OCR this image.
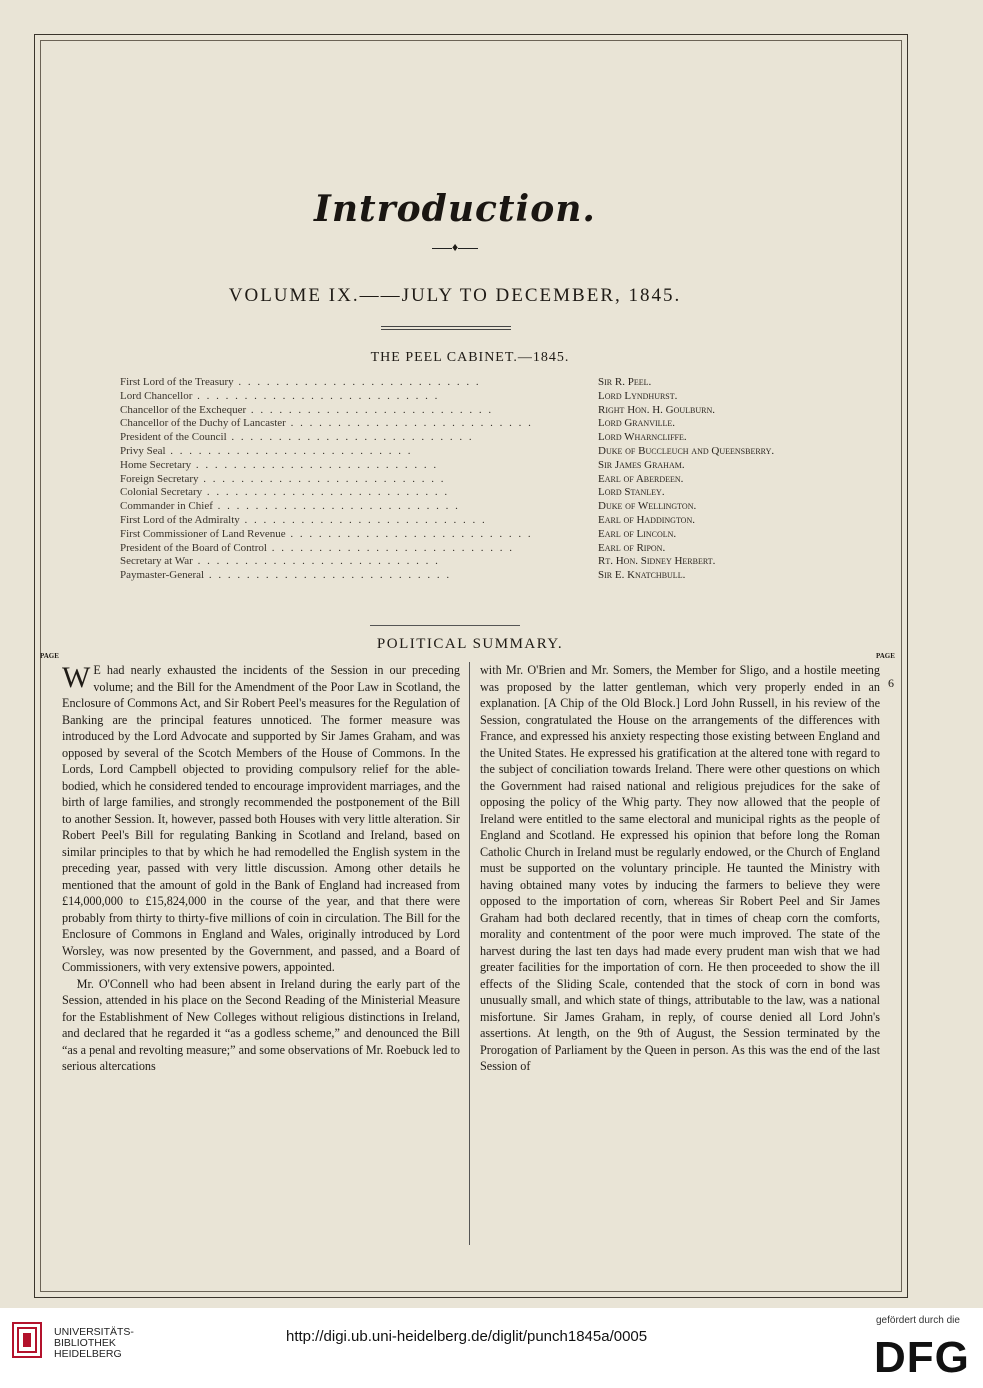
Introduction.
♦
VOLUME IX.——JULY TO DECEMBER, 1845.
THE PEEL CABINET.—1845.
First Lord of the Treasury . .	Sir R. Peel.
Lord Chancellor . .	Lord Lyndhurst.
Chancellor of the Exchequer . .	Right Hon. H. Goulburn.
Chancellor of the Duchy of Lancaster . .	Lord Granville.
President of the Council . .	Lord Wharncliffe.
Privy Seal . .	Duke of Buccleuch and Queensberry.
Home Secretary . .	Sir James Graham.
Foreign Secretary . .	Earl of Aberdeen.
Colonial Secretary . .	Lord Stanley.
Commander in Chief . .	Duke of Wellington.
First Lord of the Admiralty . .	Earl of Haddington.
First Commissioner of Land Revenue . .	Earl of Lincoln.
President of the Board of Control . .	Earl of Ripon.
Secretary at War . .	Rt. Hon. Sidney Herbert.
Paymaster-General . .	Sir E. Knatchbull.
POLITICAL SUMMARY.
PAGE	PAGE
6

W E had nearly exhausted the incidents of the Session in our preceding volume; and the Bill for the Amendment of the Poor Law in Scotland, the Enclosure of Commons Act, and Sir Robert Peel's measures for the Regulation of Banking are the principal features unnoticed. The former measure was introduced by the Lord Advocate and supported by Sir James Graham, and was opposed by several of the Scotch Members of the House of Commons. In the Lords, Lord Campbell objected to providing compulsory relief for the able-bodied, which he considered tended to encourage improvident marriages, and the birth of large families, and strongly recommended the postponement of the Bill to another Session. It, however, passed both Houses with very little alteration. Sir Robert Peel's Bill for regulating Banking in Scotland and Ireland, based on similar principles to that by which he had remodelled the English system in the preceding year, passed with very little discussion. Among other details he mentioned that the amount of gold in the Bank of England had increased from £14,000,000 to £15,824,000 in the course of the year, and that there were probably from thirty to thirty-five millions of coin in circulation. The Bill for the Enclosure of Commons in England and Wales, originally introduced by Lord Worsley, was now presented by the Government, and passed, and a Board of Commissioners, with very extensive powers, appointed.

Mr. O'Connell who had been absent in Ireland during the early part of the Session, attended in his place on the Second Reading of the Ministerial Measure for the Establishment of New Colleges without religious distinctions in Ireland, and declared that he regarded it “as a godless scheme,” and denounced the Bill “as a penal and revolting measure;” and some observations of Mr. Roebuck led to serious altercations

with Mr. O'Brien and Mr. Somers, the Member for Sligo, and a hostile meeting was proposed by the latter gentleman, which very properly ended in an explanation. [A Chip of the Old Block.] Lord John Russell, in his review of the Session, congratulated the House on the arrangements of the differences with France, and expressed his anxiety respecting those existing between England and the United States. He expressed his gratification at the altered tone with regard to the subject of conciliation towards Ireland. There were other questions on which the Government had raised national and religious prejudices for the sake of opposing the policy of the Whig party. They now allowed that the people of Ireland were entitled to the same electoral and municipal rights as the people of England and Scotland. He expressed his opinion that before long the Roman Catholic Church in Ireland must be regularly endowed, or the Church of England must be supported on the voluntary principle. He taunted the Ministry with having obtained many votes by inducing the farmers to believe they were opposed to the importation of corn, whereas Sir Robert Peel and Sir James Graham had both declared recently, that in times of cheap corn the comforts, morality and contentment of the poor were much improved. The state of the harvest during the last ten days had made every prudent man wish that we had greater facilities for the importation of corn. He then proceeded to show the ill effects of the Sliding Scale, contended that the stock of corn in bond was unusually small, and which state of things, attributable to the law, was a national misfortune. Sir James Graham, in reply, of course denied all Lord John's assertions. At length, on the 9th of August, the Session terminated by the Prorogation of Parliament by the Queen in person. As this was the end of the last Session of

UNIVERSITÄTS-
BIBLIOTHEK
HEIDELBERG
http://digi.ub.uni-heidelberg.de/diglit/punch1845a/0005
gefördert durch die
DFG
